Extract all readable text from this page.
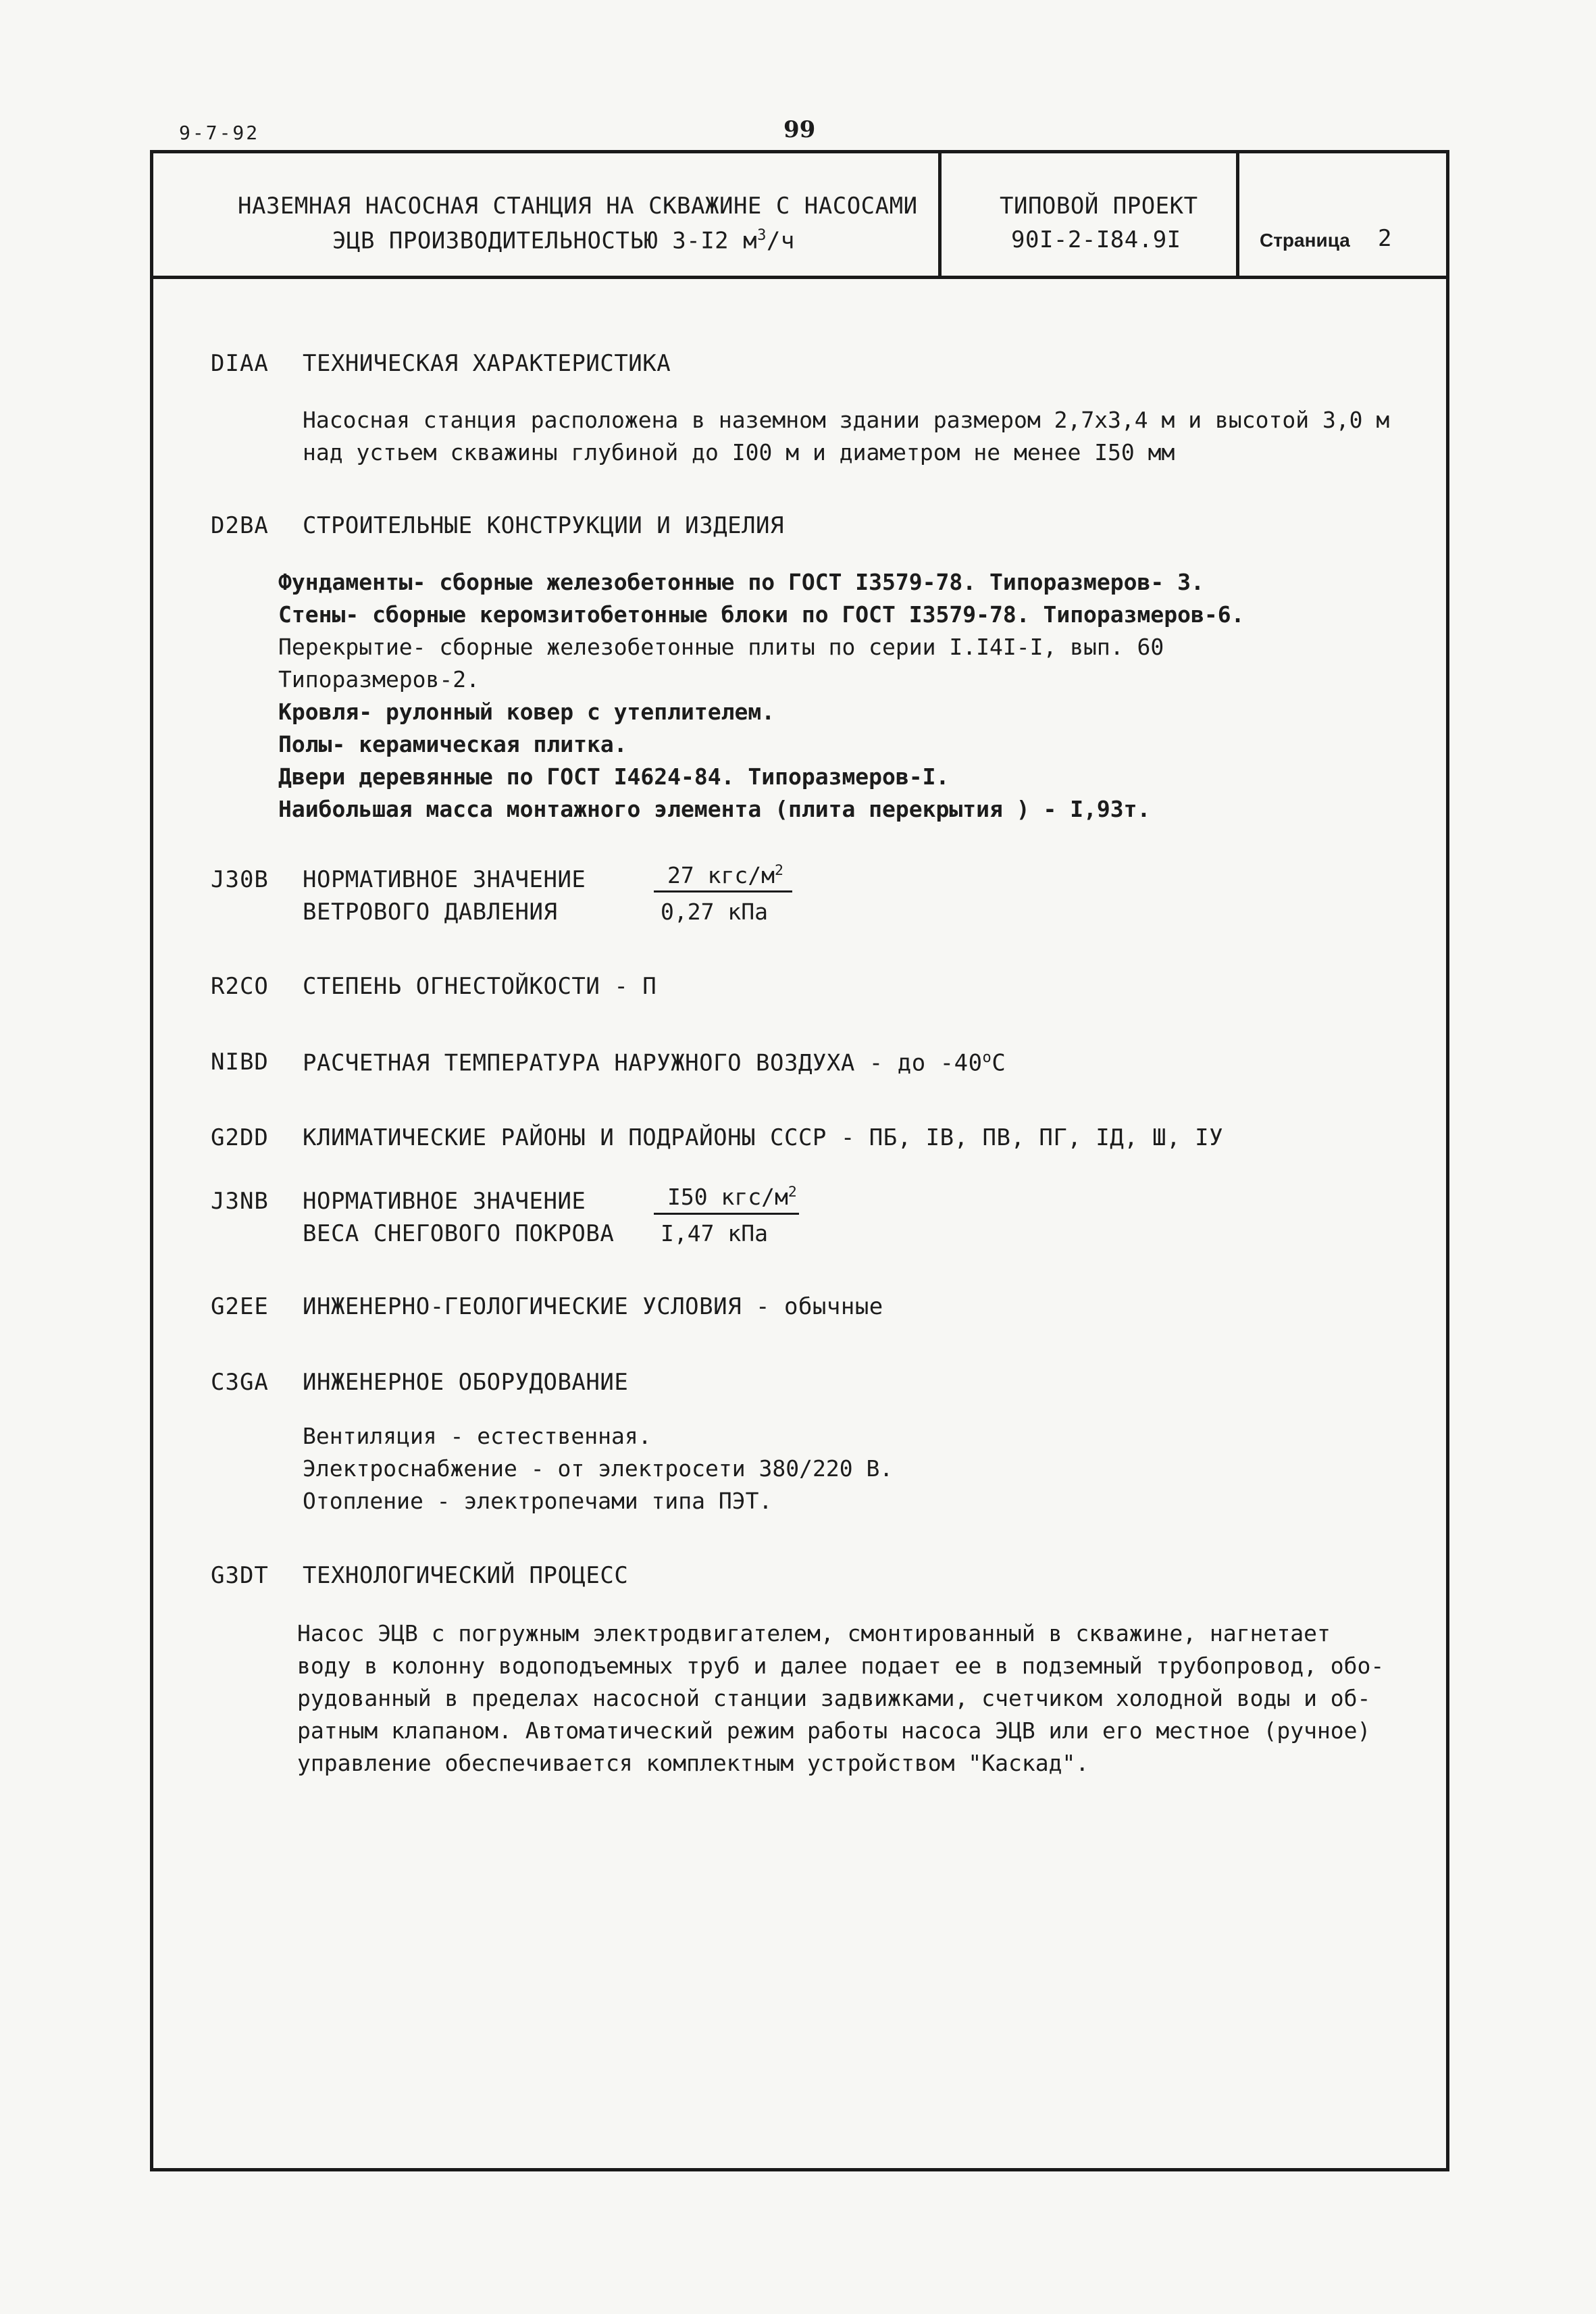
9-7-92	99
НАЗЕМНАЯ НАСОСНАЯ СТАНЦИЯ НА СКВАЖИНЕ С НАСОСАМИ
ЭЦВ ПРОИЗВОДИТЕЛЬНОСТЬЮ 3-I2 $м^3/ч$
ТИПОВОЙ ПРОЕКТ
90I-2-I84.9I	Страница 2
DIAA ТЕХНИЧЕСКАЯ ХАРАКТЕРИСТИКА
Насосная станция расположена в наземном здании размером 2,7х3,4 м и высотой 3,0 м
над устьем скважины глубиной до I00 м и диаметром не менее I50 мм
D2BA СТРОИТЕЛЬНЫЕ КОНСТРУКЦИИ И ИЗДЕЛИЯ
Фундаменты- сборные железобетонные по ГОСТ I3579-78. Типоразмеров- 3.
Стены- сборные керомзитобетонные блоки по ГОСТ I3579-78. Типоразмеров-6.
Перекрытие- сборные железобетонные плиты по серии I.I4I-I, вып. 60
Типоразмеров-2.
Кровля- рулонный ковер с утеплителем.
Полы- керамическая плитка.
Двери деревянные по ГОСТ I4624-84. Типоразмеров-I.
Наибольшая масса монтажного элемента (плита перекрытия ) - I,93т.
J30B НОРМАТИВНОЕ ЗНАЧЕНИЕ
ВЕТРОВОГО ДАВЛЕНИЯ
27 кгс/$м^2$
0,27 кПа
R2CO СТЕПЕНЬ ОГНЕСТОЙКОСТИ - П
NIBD РАСЧЕТНАЯ ТЕМПЕРАТУРА НАРУЖНОГО ВОЗДУХА - до $-40^оС$
G2DD КЛИМАТИЧЕСКИЕ РАЙОНЫ И ПОДРАЙОНЫ СССР - ПБ, IВ, ПВ, ПГ, IД, Ш, IУ
J3NB НОРМАТИВНОЕ ЗНАЧЕНИЕ
ВЕСА СНЕГОВОГО ПОКРОВА
I50 кгс/$м^2$
I,47 кПа
G2EE ИНЖЕНЕРНО-ГЕОЛОГИЧЕСКИЕ УСЛОВИЯ - обычные
C3GA ИНЖЕНЕРНОЕ ОБОРУДОВАНИЕ
Вентиляция - естественная.
Электроснабжение - от электросети 380/220 В.
Отопление - электропечами типа ПЭТ.
G3DT ТЕХНОЛОГИЧЕСКИЙ ПРОЦЕСС
Насос ЭЦВ с погружным электродвигателем, смонтированный в скважине, нагнетает
воду в колонну водоподъемных труб и далее подает ее в подземный трубопровод, обо-
рудованный в пределах насосной станции задвижками, счетчиком холодной воды и об-
ратным клапаном. Автоматический режим работы насоса ЭЦВ или его местное (ручное)
управление обеспечивается комплектным устройством "Каскад".
